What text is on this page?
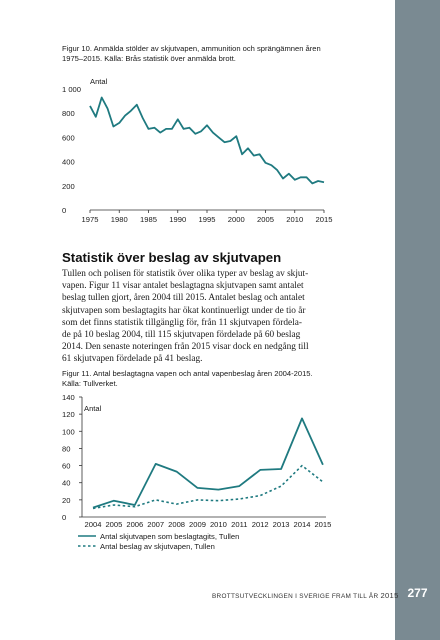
Skjutvapenrelaterad brottslighet	Figur 10. Anmälda stölder av skjutvapen, ammunition och sprängämnen åren
1975–2015. Källa: Brås statistik över anmälda brott.
0
200
400
600
800
1 000
1975 1980 1985 1990 1995 2000 2005 2010 2015
Antal
Statistik över beslag av skjutvapen
Tullen och polisen för statistik över olika typer av beslag av skjut-
vapen. Figur 11 visar antalet beslagtagna skjutvapen samt antalet
beslag tullen gjort, åren 2004 till 2015. Antalet beslag och antalet
skjutvapen som beslagtagits har ökat kontinuerligt under de tio år
som det finns statistik tillgänglig för, från 11 skjutvapen fördela-
de på 10 beslag 2004, till 115 skjutvapen fördelade på 60 beslag
2014. Den senaste noteringen från 2015 visar dock en nedgång till
61 skjutvapen fördelade på 41 beslag.
Figur 11. Antal beslagtagna vapen och antal vapenbeslag åren 2004-2015.
Källa: Tullverket.
0
20
40
60
80
100
120
140
2004 2005 2006 2007 2008 2009 2010 2011 2012 2013 2014 2015
Antal
Antal skjutvapen som beslagtagits, Tullen
Antal beslag av skjutvapen, Tullen
BROTTSUTVECKLINGEN I SVERIGE FRAM TILL ÅR 2015 277
